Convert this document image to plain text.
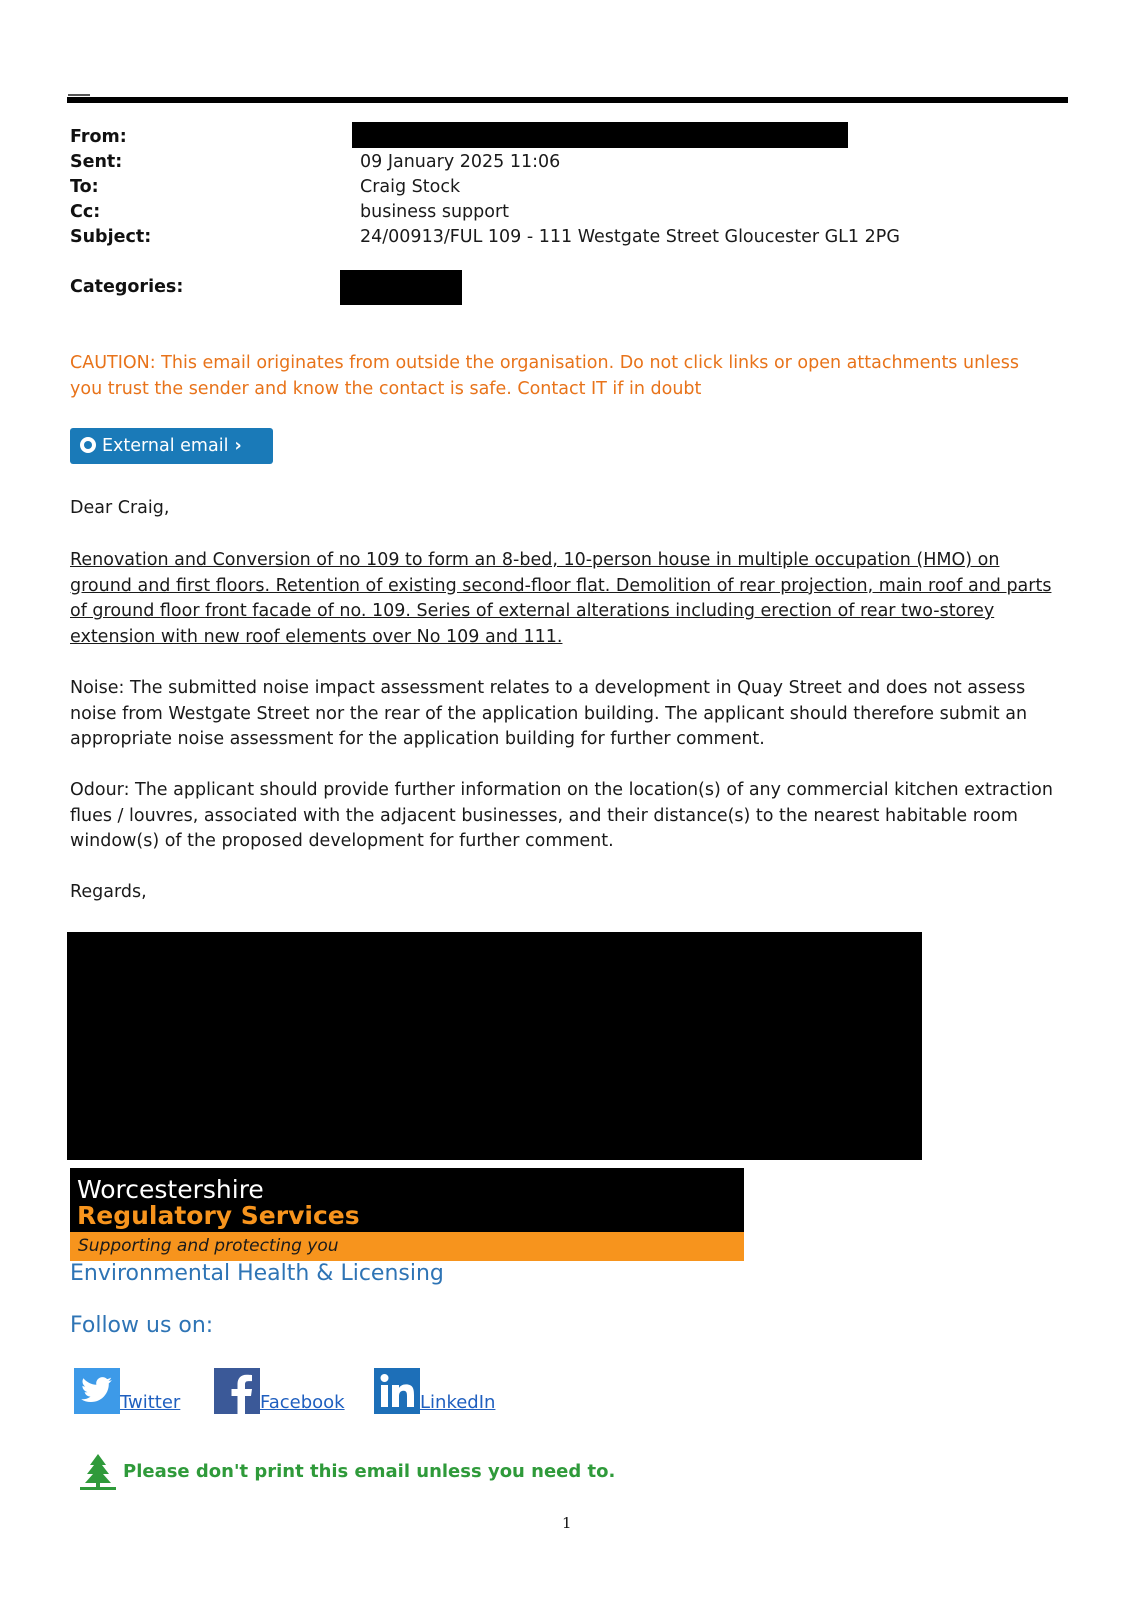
From:
Sent:	09 January 2025 11:06
To:	Craig Stock
Cc:	business support
Subject:	24/00913/FUL 109 - 111 Westgate Street Gloucester GL1 2PG
Categories:
CAUTION: This email originates from outside the organisation. Do not click links or open attachments unless you trust the sender and know the contact is safe. Contact IT if in doubt
External email ›
Dear Craig,
Renovation and Conversion of no 109 to form an 8-bed, 10-person house in multiple occupation (HMO) on ground and first floors. Retention of existing second-floor flat. Demolition of rear projection, main roof and parts of ground floor front facade of no. 109. Series of external alterations including erection of rear two-storey extension with new roof elements over No 109 and 111.
Noise: The submitted noise impact assessment relates to a development in Quay Street and does not assess noise from Westgate Street nor the rear of the application building. The applicant should therefore submit an appropriate noise assessment for the application building for further comment.
Odour: The applicant should provide further information on the location(s) of any commercial kitchen extraction flues / louvres, associated with the adjacent businesses, and their distance(s) to the nearest habitable room window(s) of the proposed development for further comment.
Regards,
Worcestershire
Regulatory Services
Supporting and protecting you
Environmental Health & Licensing
Follow us on:
Twitter	Facebook	LinkedIn
Please don't print this email unless you need to.
1
